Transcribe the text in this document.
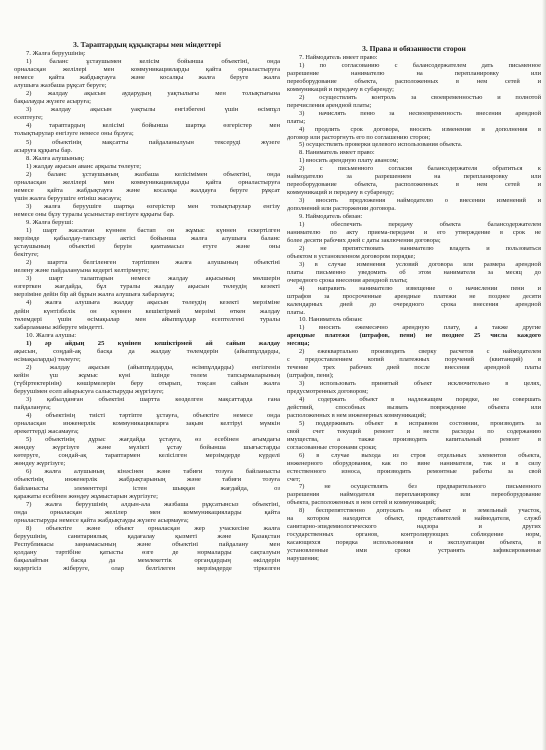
3. Тараптардың құқықтары мен міндеттері
7. Жалға беруушінің:
1) баланс ұстаушымен келісім бойынша объектіні, онда
орналасқан желілері мен коммуникацияларды қайта орналастыруға
немесе қайта жабдықтауға және косалқы жалға беруге жалға
алушыға жазбаша рұқсат беруге;
2) жалдау ақысын аударудың уақтылығы мен толықтығына
бақылауды жүзеге асыруға;
3) жалдау ақысын уақтылы енгізбегені үшін өсімпұл
есептеуге;
4) тараптардың келісімі бойынша шартқа өзгерістер мен
толықтырулар енгізуге немесе оны бұзуға;
5) объектінің мақсатты пайдаланылуын тексеруді жүзеге
асыруға құқығы бар.
8. Жалға алушының:
1) жалдау ақысын аванс арқылы төлеуге;
2) баланс ұстаушының жазбаша келісімімен объектіні, онда
орналасқан желілері мен коммуникацияларды қайта орналастыруға
немесе қайта жабдықтауға және косалқы жалдауға беруге рұқсат
үшін жалға беруушіге өтініш жасауға;
3) жалға беруушіге шартқа өзгерістер мен толықтырулар енгізу
немесе оны бұзу туралы ұсыныстар енгізуге құқығы бар.
9. Жалға беруші:
1) шарт жасалған күннен бастап он жұмыс күннен ескертілген
мерзімде қабылдау-тапсыру актісі бойынша жалға алушыға баланс
ұстаушының объектіні беруін қамтамасыз етуге және оны
бекітуге;
2) шартта белгіленген тәртіппен жалға алушының объектіні
иелену және пайдалануына кедергі келтірмеуге;
3) шарт талаптарын немесе жалдау ақысының мөлшерін
өзгерткен жағдайда, бұл туралы жалдау ақысын төлеудің кезекті
мерзіміне дейін бір ай бұрын жалға алушыға хабарлауға;
4) жалға алушыға жалдау ақысын төлеудің кезекті мерзіміне
дейін күнтізбелік он күннен кешіктірмей мерзімі өткен жалдау
төлемдері үшін өсімақылар мен айыппұлдар есептелгені туралы
хабарламаны жіберуге міндетті.
10. Жалға алушы:
1) әр айдың 25 күнінен кешіктірмей ай сайын жалдау
ақысын, соңдай-ақ басқа да жалдау төлемдерін (айыппұлдарды,
өсімақыларды) төлеуге;
2) жалдау ақысын (айыппұлдарды, өсімпұлдарды) енгізгенін
кейін үш жұмыс күні ішінде төлем тапсырмаларының
(түбіртектерінің) көшірмелерін беру отырып, тоқсан сайын жалға
беруушімен есеп айырысуға салыстыруды жүргізуге;
3) қабылданған объектіні шартта көзделген мақсаттарда ғана
пайдалануға;
4) объектінің тиісті тәртіпте ұстауға, объектіге немесе онда
орналасқан инженерлік коммуникацияларға зақым келтіруі мүмкін
әрекеттерді жасамауға;
5) объектінің дұрыс жағдайда ұстауға, өз есебінен ағымдағы
жөндеу жүргізуге және мүлікті ұстау бойынша шығыстарды
көтеруге, сондай-ақ тараптармен келісілген мерзімдерде күрделі
жөндеу жүргізуге;
6) жалға алушының кінәсінен және табиғи тозуға байланысты
объектінің инженерлік жабдықтарының және табиғи тозуға
байланысты элементтері істен шыққан жағдайда, оз
қаражаты есебінен жөндеу жұмыстарын жүргізуге;
7) жалға беруушінің алдын-ала жазбаша рұқсатынсыз объектіні,
онда орналасқан желілер мен коммуникацияларды қайта
орналастыруды немесе қайта жабдықтауды жүзеге асырмауға;
8) объектіге және объект орналасқан жер учаскесіне жалға
беруушінің, санитариялық қадағалау қызметі және Қазақстан
Республикасы заңнамасының және объектіні пайдалану мен
қолдану тәртібіне қатысты өзге де нормаларды сақталуын
бақылайтын басқа да мемлекеттік органдардың өкілдерін
кедергісіз жіберуге, олар белгілеген мерзімдерде тіркелген
3. Права и обязанности сторон
7. Наймодатель имеет право:
1) по согласованию с балансодержателем дать письменное
разрешение нанимателю на перепланировку или
переоборудование объекта, расположенных в нем сетей и
коммуникаций и передачу в субаренду;
2) осуществлять контроль за своевременностью и полнотой
перечисления арендной платы;
3) начислять пеню за несвоевременность внесения арендной
платы;
4) продлить срок договора, вносить изменения и дополнения в
договор или расторгнуть его по соглашению сторон;
5) осуществлять проверки целевого использования объекта.
8. Наниматель имеет право:
1) вносить арендную плату авансом;
2) с письменного согласия балансодержателя обратиться к
наймодателю за разрешением на перепланировку или
переоборудование объекта, расположенных в нем сетей и
коммуникаций и передачу в субаренду;
3) вносить предложения наймодателю о внесении изменений и
дополнений или расторжении договора.
9. Наймодатель обязан:
1) обеспечить передачу объекта балансодержателем
нанимателю по акту приема-передачи и его утверждение в срок не
более десяти рабочих дней с даты заключения договора;
2) не препятствовать нанимателю владеть и пользоваться
объектом в установленном договором порядке;
3) в случае изменения условий договора или размера арендной
платы письменно уведомить об этом нанимателя за месяц до
очередного срока внесения арендной платы;
4) направить нанимателю извещение о начислении пени и
штрафов за просроченные арендные платежи не позднее десяти
календарных дней до очередного срока внесения арендной
платы.
10. Наниматель обязан:
1) вносить ежемесячно арендную плату, а также другие
арендные платежи (штрафов, пени) не позднее 25 числа каждого
месяца;
2) ежеквартально производить сверку расчетов с наймодателем
с предоставлением копий платежных поручений (квитанций) в
течение трех рабочих дней после внесения арендной платы
(штрафов, пени);
3) использовать принятый объект исключительно в целях,
предусмотренных договором;
4) содержать объект в надлежащем порядке, не совершать
действий, способных вызвать повреждение объекта или
расположенных в нем инженерных коммуникаций;
5) поддерживать объект в исправном состоянии, производить за
свой счет текущий ремонт и нести расходы по содержанию
имущества, а также производить капитальный ремонт в
согласованные сторонами сроки;
6) в случае выхода из строя отдельных элементов объекта,
инженерного оборудования, как по вине нанимателя, так и в силу
естественного износа, производить ремонтные работы за свой
счет;
7) не осуществлять без предварительного письменного
разрешения наймодателя перепланировку или переоборудование
объекта, расположенных в нем сетей и коммуникаций;
8) беспрепятственно допускать на объект и земельный участок,
на котором находится объект, представителей наймодателя, служб
санитарно-эпидемиологического надзора и других
государственных органов, контролирующих соблюдение норм,
касающихся порядка использования и эксплуатации объекта, в
установленные ими сроки устранять зафиксированные
нарушения;
